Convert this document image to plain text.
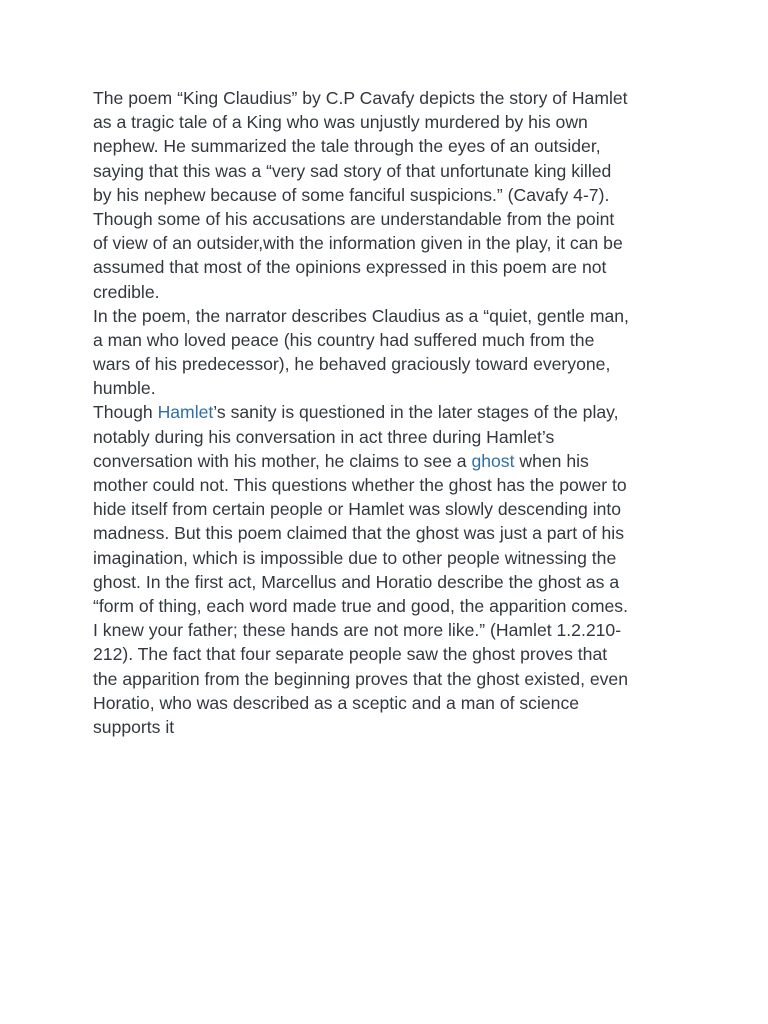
The poem “King Claudius” by C.P Cavafy depicts the story of Hamlet
as a tragic tale of a King who was unjustly murdered by his own
nephew. He summarized the tale through the eyes of an outsider,
saying that this was a “very sad story of that unfortunate king killed
by his nephew because of some fanciful suspicions.” (Cavafy 4-7).
Though some of his accusations are understandable from the point
of view of an outsider,with the information given in the play, it can be
assumed that most of the opinions expressed in this poem are not
credible.

In the poem, the narrator describes Claudius as a “quiet, gentle man,
a man who loved peace (his country had suffered much from the
wars of his predecessor), he behaved graciously toward everyone,
humble.

Though Hamlet’s sanity is questioned in the later stages of the play,
notably during his conversation in act three during Hamlet’s
conversation with his mother, he claims to see a ghost when his
mother could not. This questions whether the ghost has the power to
hide itself from certain people or Hamlet was slowly descending into
madness. But this poem claimed that the ghost was just a part of his
imagination, which is impossible due to other people witnessing the
ghost. In the first act, Marcellus and Horatio describe the ghost as a
“form of thing, each word made true and good, the apparition comes.
I knew your father; these hands are not more like.” (Hamlet 1.2.210-
212). The fact that four separate people saw the ghost proves that
the apparition from the beginning proves that the ghost existed, even
Horatio, who was described as a sceptic and a man of science
supports it
